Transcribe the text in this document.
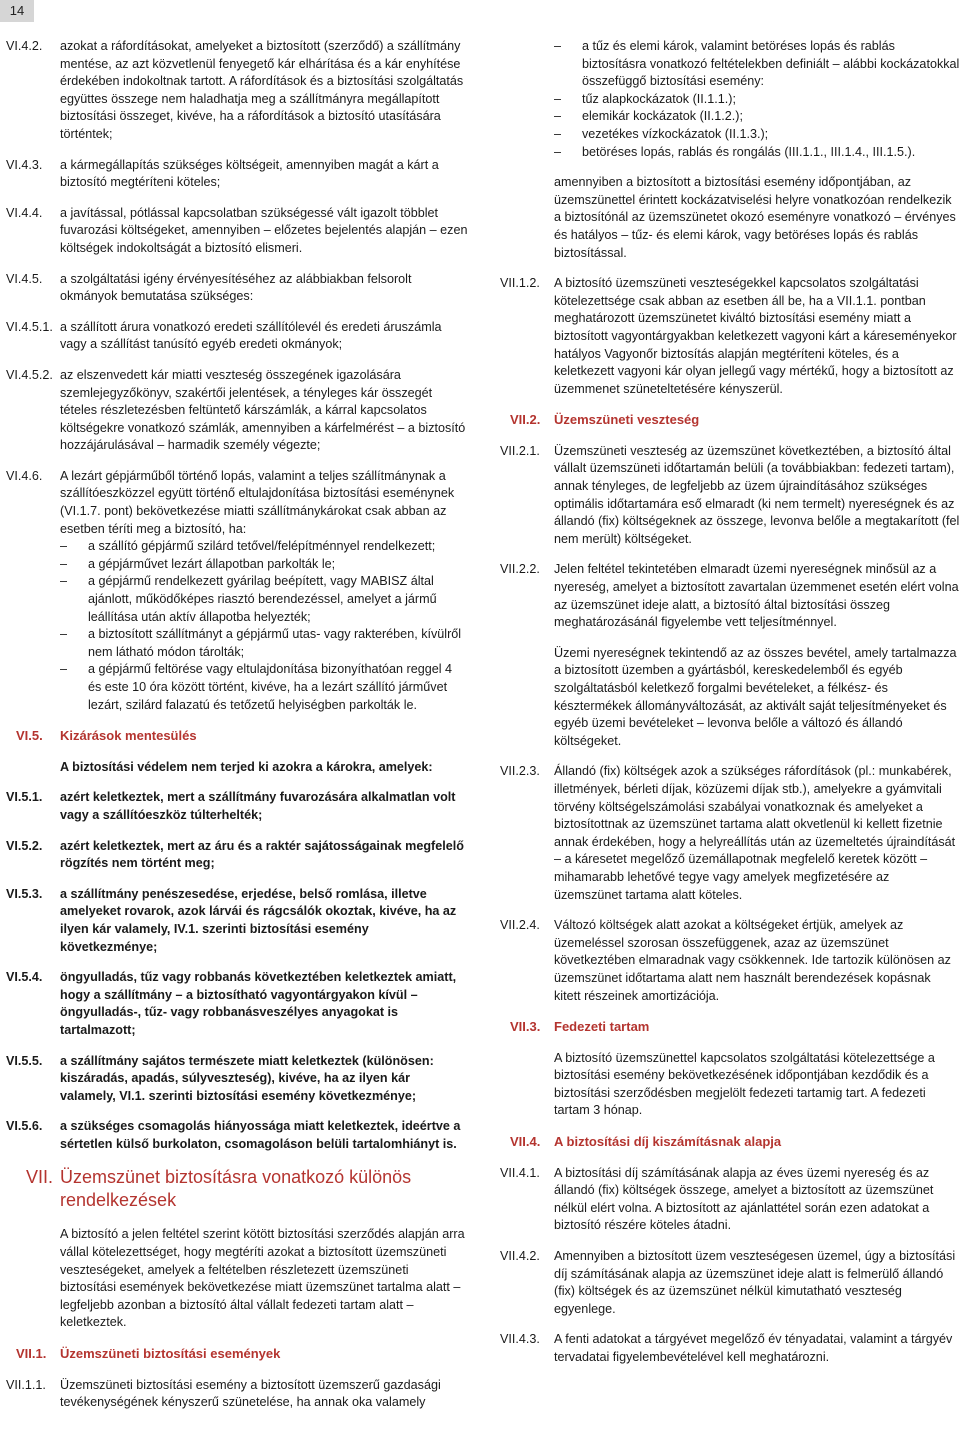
14
VI.4.2.	azokat a ráfordításokat, amelyeket a biztosított (szerződő) a szállítmány mentése, az azt közvetlenül fenyegető kár elhárítása és a kár enyhítése érdekében indokoltnak tartott. A ráfordítások és a biztosítási szolgáltatás együttes összege nem haladhatja meg a szállítmányra megállapított biztosítási összeget, kivéve, ha a ráfordítások a biztosító utasítására történtek;
VI.4.3.	a kármegállapítás szükséges költségeit, amennyiben magát a kárt a biztosító megtéríteni köteles;
VI.4.4.	a javítással, pótlással kapcsolatban szükségessé vált igazolt többlet fuvarozási költségeket, amennyiben – előzetes bejelentés alapján – ezen költségek indokoltságát a biztosító elismeri.
VI.4.5.	a szolgáltatási igény érvényesítéséhez az alábbiakban felsorolt okmányok bemutatása szükséges:
VI.4.5.1. a szállított árura vonatkozó eredeti szállítólevél és eredeti áruszámla vagy a szállítást tanúsító egyéb eredeti okmányok;
VI.4.5.2. az elszenvedett kár miatti veszteség összegének igazolására szemlejegyzőkönyv, szakértői jelentések, a tényleges kár összegét tételes részletezésben feltüntető kárszámlák, a kárral kapcsolatos költségekre vonatkozó számlák, amennyiben a kárfelmérést – a biztosító hozzájárulásával – harmadik személy végezte;
VI.4.6.	A lezárt gépjárműből történő lopás, valamint a teljes szállítmánynak a szállítóeszközzel együtt történő eltulajdonítása biztosítási eseménynek (VI.1.7. pont) bekövetkezése miatti szállítmánykárokat csak abban az esetben téríti meg a biztosító, ha:
– a szállító gépjármű szilárd tetővel/felépítménnyel rendelkezett;
– a gépjárművet lezárt állapotban parkolták le;
– a gépjármű rendelkezett gyárilag beépített, vagy MABISZ által ajánlott, működőképes riasztó berendezéssel, amelyet a jármű leállítása után aktív állapotba helyezték;
– a biztosított szállítmányt a gépjármű utas- vagy rakterében, kívülről nem látható módon tárolták;
– a gépjármű feltörése vagy eltulajdonítása bizonyíthatóan reggel 4 és este 10 óra között történt, kivéve, ha a lezárt szállító járművet lezárt, szilárd falazatú és tetőzetű helyiségben parkolták le.
VI.5. Kizárások mentesülés
A biztosítási védelem nem terjed ki azokra a károkra, amelyek:
VI.5.1.	azért keletkeztek, mert a szállítmány fuvarozására alkalmatlan volt vagy a szállítóeszköz túlterhelték;
VI.5.2.	azért keletkeztek, mert az áru és a raktér sajátosságainak megfelelő rögzítés nem történt meg;
VI.5.3.	a szállítmány penészesedése, erjedése, belső romlása, illetve amelyeket rovarok, azok lárvái és rágcsálók okoztak, kivéve, ha az ilyen kár valamely, IV.1. szerinti biztosítási esemény következménye;
VI.5.4.	öngyulladás, tűz vagy robbanás következtében keletkeztek amiatt, hogy a szállítmány – a biztosítható vagyontárgyakon kívül – öngyulladás-, tűz- vagy robbanásveszélyes anyagokat is tartalmazott;
VI.5.5.	a szállítmány sajátos természete miatt keletkeztek (különösen: kiszáradás, apadás, súlyveszteség), kivéve, ha az ilyen kár valamely, VI.1. szerinti biztosítási esemény következménye;
VI.5.6.	a szükséges csomagolás hiányossága miatt keletkeztek, ideértve a sértetlen külső burkolaton, csomagoláson belüli tartalomhiányt is.
VII. Üzemszünet biztosításra vonatkozó különös rendelkezések
A biztosító a jelen feltétel szerint kötött biztosítási szerződés alapján arra vállal kötelezettséget, hogy megtéríti azokat a biztosított üzemszüneti veszteségeket, amelyek a feltételben részletezett üzemszüneti biztosítási események bekövetkezése miatt üzemszünet tartalma alatt – legfeljebb azonban a biztosító által vállalt fedezeti tartam alatt – keletkeztek.
VII.1. Üzemszüneti biztosítási események
VII.1.1.	Üzemszüneti biztosítási esemény a biztosított üzemszerű gazdasági tevékenységének kényszerű szünetelése, ha annak oka valamely
– a tűz és elemi károk, valamint betöréses lopás és rablás biztosításra vonatkozó feltételekben definiált – alábbi kockázatokkal összefüggő biztosítási esemény:
– tűz alapkockázatok (II.1.1.);
– elemikár kockázatok (II.1.2.);
– vezetékes vízkockázatok (II.1.3.);
– betöréses lopás, rablás és rongálás (III.1.1., III.1.4., III.1.5.).
amennyiben a biztosított a biztosítási esemény időpontjában, az üzemszünettel érintett kockázatviselési helyre vonatkozóan rendelkezik a biztosítónál az üzemszünetet okozó eseményre vonatkozó – érvényes és hatályos – tűz- és elemi károk, vagy betöréses lopás és rablás biztosítással.
VII.1.2.	A biztosító üzemszüneti veszteségekkel kapcsolatos szolgáltatási kötelezettsége csak abban az esetben áll be, ha a VII.1.1. pontban meghatározott üzemszünetet kiváltó biztosítási esemény miatt a biztosított vagyontárgyakban keletkezett vagyoni kárt a káreseményekor hatályos Vagyonőr biztosítás alapján megtéríteni köteles, és a keletkezett vagyoni kár olyan jellegű vagy mértékű, hogy a biztosított az üzemmenet szüneteltetésére kényszerül.
VII.2. Üzemszüneti veszteség
VII.2.1.	Üzemszüneti veszteség az üzemszünet következtében, a biztosító által vállalt üzemszüneti időtartamán belüli (a továbbiakban: fedezeti tartam), annak tényleges, de legfeljebb az üzem újraindításához szükséges optimális időtartamára eső elmaradt (ki nem termelt) nyereségnek és az állandó (fix) költségeknek az összege, levonva belőle a megtakarított (fel nem merült) költségeket.
VII.2.2.	Jelen feltétel tekintetében elmaradt üzemi nyereségnek minősül az a nyereség, amelyet a biztosított zavartalan üzemmenet esetén elért volna az üzemszünet ideje alatt, a biztosító által biztosítási összeg meghatározásánál figyelembe vett teljesítménnyel.
Üzemi nyereségnek tekintendő az az összes bevétel, amely tartalmazza a biztosított üzemben a gyártásból, kereskedelemből és egyéb szolgáltatásból keletkező forgalmi bevételeket, a félkész- és késztermékek állományváltozását, az aktivált saját teljesítményeket és egyéb üzemi bevételeket – levonva belőle a változó és állandó költségeket.
VII.2.3.	Állandó (fix) költségek azok a szükséges ráfordítások (pl.: munkabérek, illetmények, bérleti díjak, közüzemi díjak stb.), amelyekre a gyámvitali törvény költségelszámolási szabályai vonatkoznak és amelyeket a biztosítottnak az üzemszünet tartama alatt okvetlenül ki kellett fizetnie annak érdekében, hogy a helyreállítás után az üzemeltetés újraindítását – a káresetet megelőző üzemállapotnak megfelelő keretek között – mihamarabb lehetővé tegye vagy amelyek megfizetésére az üzemszünet tartama alatt köteles.
VII.2.4.	Változó költségek alatt azokat a költségeket értjük, amelyek az üzemeléssel szorosan összefüggenek, azaz az üzemszünet következtében elmaradnak vagy csökkennek. Ide tartozik különösen az üzemszünet időtartama alatt nem használt berendezések kopásnak kitett részeinek amortizációja.
VII.3. Fedezeti tartam
A biztosító üzemszünettel kapcsolatos szolgáltatási kötelezettsége a biztosítási esemény bekövetkezésének időpontjában kezdődik és a biztosítási szerződésben megjelölt fedezeti tartamig tart. A fedezeti tartam 3 hónap.
VII.4. A biztosítási díj kiszámításnak alapja
VII.4.1.	A biztosítási díj számításának alapja az éves üzemi nyereség és az állandó (fix) költségek összege, amelyet a biztosított az üzemszünet nélkül elért volna. A biztosított az ajánlattétel során ezen adatokat a biztosító részére köteles átadni.
VII.4.2.	Amennyiben a biztosított üzem veszteségesen üzemel, úgy a biztosítási díj számításának alapja az üzemszünet ideje alatt is felmerülő állandó (fix) költségek és az üzemszünet nélkül kimutatható veszteség egyenlege.
VII.4.3.	A fenti adatokat a tárgyévet megelőző év tényadatai, valamint a tárgyév tervadatai figyelembevételével kell meghatározni.
